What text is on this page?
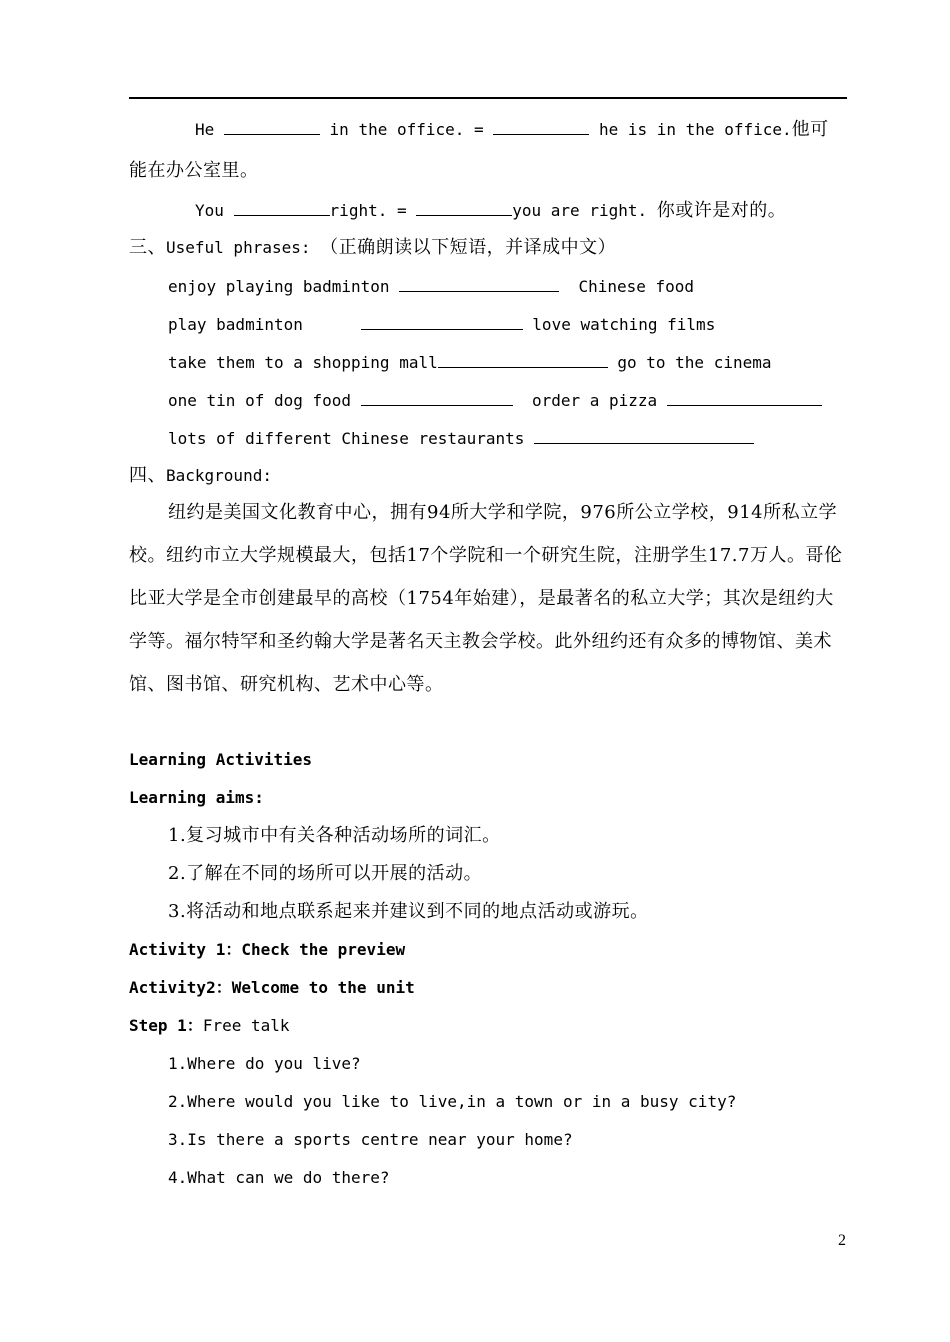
He	in the office. =	he is in the office.他可
能在办公室里。
You	right. =	you are right. 你或许是对的。
三、Useful phrases: （正确朗读以下短语，并译成中文）
enjoy playing badminton	Chinese food
play badminton	love watching films
take them to a shopping mall	go to the cinema
one tin of dog food	order a pizza
lots of different Chinese restaurants
四、Background:
纽约是美国文化教育中心，拥有94所大学和学院，976所公立学校，914所私立学
校。纽约市立大学规模最大，包括17个学院和一个研究生院，注册学生17.7万人。哥伦
比亚大学是全市创建最早的高校（1754年始建），是最著名的私立大学；其次是纽约大
学等。福尔特罕和圣约翰大学是著名天主教会学校。此外纽约还有众多的博物馆、美术
馆、图书馆、研究机构、艺术中心等。
Learning Activities
Learning aims:
1.复习城市中有关各种活动场所的词汇。
2.了解在不同的场所可以开展的活动。
3.将活动和地点联系起来并建议到不同的地点活动或游玩。
Activity 1：Check the preview
Activity2：Welcome to the unit
Step 1：Free talk
1.Where do you live?
2.Where would you like to live,in a town or in a busy city?
3.Is there a sports centre near your home?
4.What can we do there?
2
